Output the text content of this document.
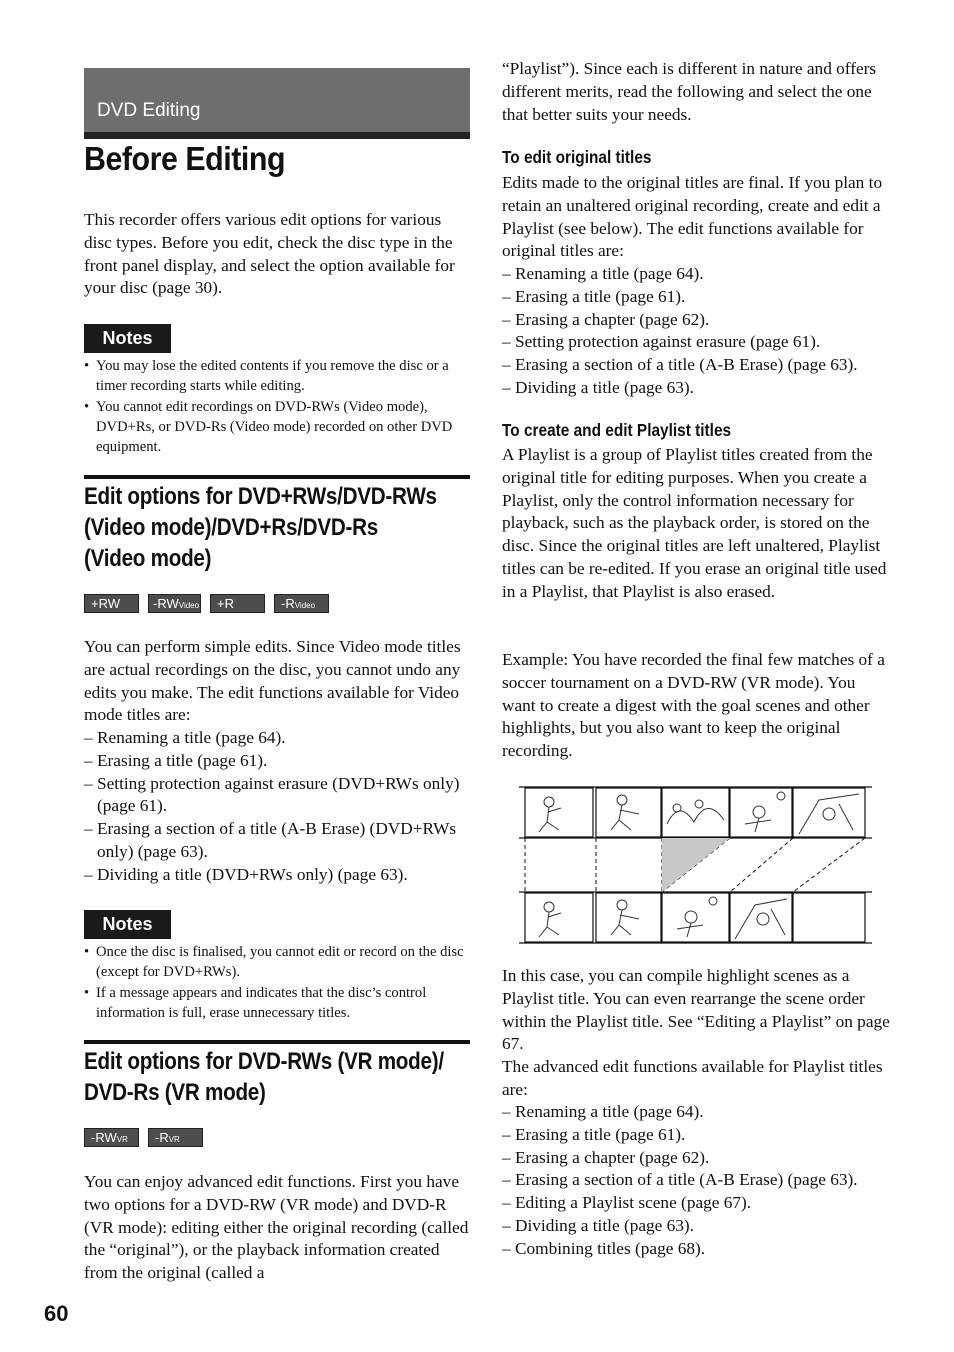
DVD Editing
Before Editing

This recorder offers various edit options for various disc types. Before you edit, check the disc type in the front panel display, and select the option available for your disc (page 30).

Notes
• You may lose the edited contents if you remove the disc or a timer recording starts while editing.
• You cannot edit recordings on DVD-RWs (Video mode), DVD+Rs, or DVD-Rs (Video mode) recorded on other DVD equipment.
Edit options for DVD+RWs/DVD-RWs
(Video mode)/DVD+Rs/DVD-Rs
(Video mode)
+RW	-RW Video +R	-R Video

You can perform simple edits. Since Video mode titles are actual recordings on the disc, you cannot undo any edits you make. The edit functions available for Video mode titles are:

– Renaming a title (page 64).
– Erasing a title (page 61).
– Setting protection against erasure (DVD+RWs only) (page 61).
– Erasing a section of a title (A-B Erase) (DVD+RWs only) (page 63).
– Dividing a title (DVD+RWs only) (page 63).
Notes
• Once the disc is finalised, you cannot edit or record on the disc (except for DVD+RWs).
• If a message appears and indicates that the disc’s control information is full, erase unnecessary titles.
Edit options for DVD-RWs (VR mode)/
DVD-Rs (VR mode)
-RW VR -R VR

You can enjoy advanced edit functions. First you have two options for a DVD-RW (VR mode) and DVD-R (VR mode): editing either the original recording (called the “original”), or the playback information created from the original (called a

“Playlist”). Since each is different in nature and offers different merits, read the following and select the one that better suits your needs.

To edit original titles

Edits made to the original titles are final. If you plan to retain an unaltered original recording, create and edit a Playlist (see below). The edit functions available for original titles are:

– Renaming a title (page 64).
– Erasing a title (page 61).
– Erasing a chapter (page 62).
– Setting protection against erasure (page 61).
– Erasing a section of a title (A-B Erase) (page 63).
– Dividing a title (page 63).
To create and edit Playlist titles

A Playlist is a group of Playlist titles created from the original title for editing purposes. When you create a Playlist, only the control information necessary for playback, such as the playback order, is stored on the disc. Since the original titles are left unaltered, Playlist titles can be re-edited. If you erase an original title used in a Playlist, that Playlist is also erased.

Example: You have recorded the final few matches of a soccer tournament on a DVD-RW (VR mode). You want to create a digest with the goal scenes and other highlights, but you also want to keep the original recording.

In this case, you can compile highlight scenes as a Playlist title. You can even rearrange the scene order within the Playlist title. See “Editing a Playlist” on page 67.

The advanced edit functions available for Playlist titles are:

– Renaming a title (page 64).
– Erasing a title (page 61).
– Erasing a chapter (page 62).
– Erasing a section of a title (A-B Erase) (page 63).
– Editing a Playlist scene (page 67).
– Dividing a title (page 63).
– Combining titles (page 68).
60
